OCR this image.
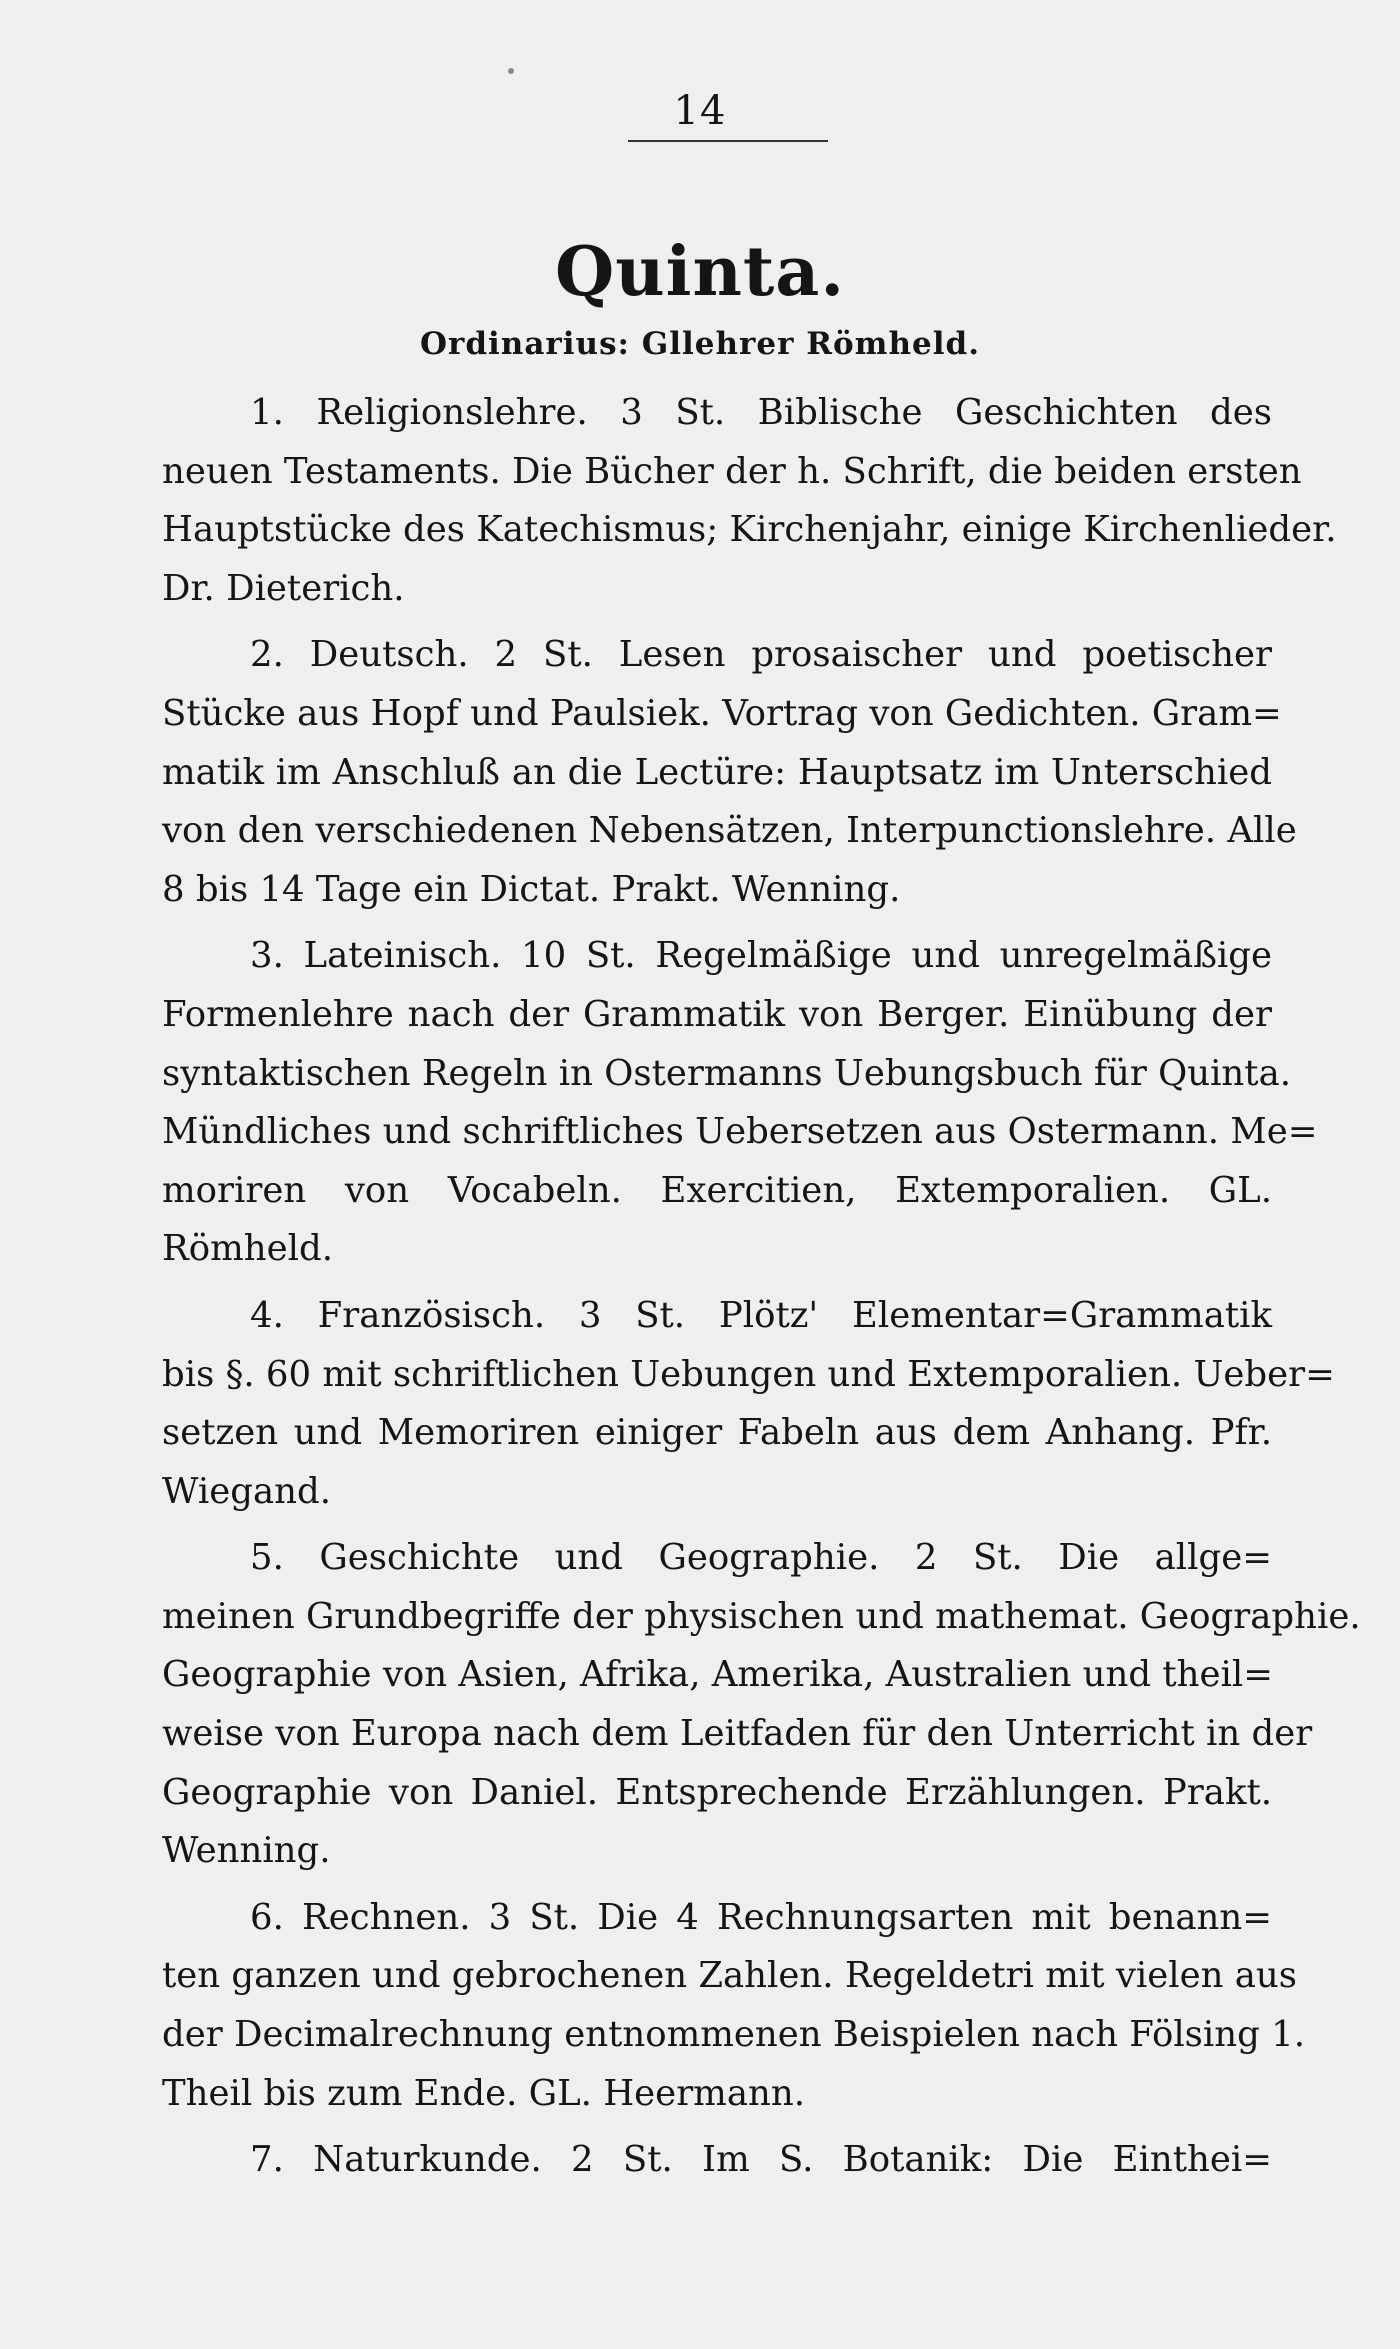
14
Quinta.
Ordinarius: Gllehrer Römheld.
1. Religionslehre. 3 St. Biblische Geschichten des
neuen Testaments. Die Bücher der h. Schrift, die beiden ersten
Hauptstücke des Katechismus; Kirchenjahr, einige Kirchenlieder.
Dr. Dieterich.
2. Deutsch. 2 St. Lesen prosaischer und poetischer
Stücke aus Hopf und Paulsiek. Vortrag von Gedichten. Gram=
matik im Anschluß an die Lectüre: Hauptsatz im Unterschied
von den verschiedenen Nebensätzen, Interpunctionslehre. Alle
8 bis 14 Tage ein Dictat. Prakt. Wenning.
3. Lateinisch. 10 St. Regelmäßige und unregelmäßige
Formenlehre nach der Grammatik von Berger. Einübung der
syntaktischen Regeln in Ostermanns Uebungsbuch für Quinta.
Mündliches und schriftliches Uebersetzen aus Ostermann. Me=
moriren von Vocabeln. Exercitien, Extemporalien. GL.
Römheld.
4. Französisch. 3 St. Plötz' Elementar=Grammatik
bis §. 60 mit schriftlichen Uebungen und Extemporalien. Ueber=
setzen und Memoriren einiger Fabeln aus dem Anhang. Pfr.
Wiegand.
5. Geschichte und Geographie. 2 St. Die allge=
meinen Grundbegriffe der physischen und mathemat. Geographie.
Geographie von Asien, Afrika, Amerika, Australien und theil=
weise von Europa nach dem Leitfaden für den Unterricht in der
Geographie von Daniel. Entsprechende Erzählungen. Prakt.
Wenning.
6. Rechnen. 3 St. Die 4 Rechnungsarten mit benann=
ten ganzen und gebrochenen Zahlen. Regeldetri mit vielen aus
der Decimalrechnung entnommenen Beispielen nach Fölsing 1.
Theil bis zum Ende. GL. Heermann.
7. Naturkunde. 2 St. Im S. Botanik: Die Einthei=
